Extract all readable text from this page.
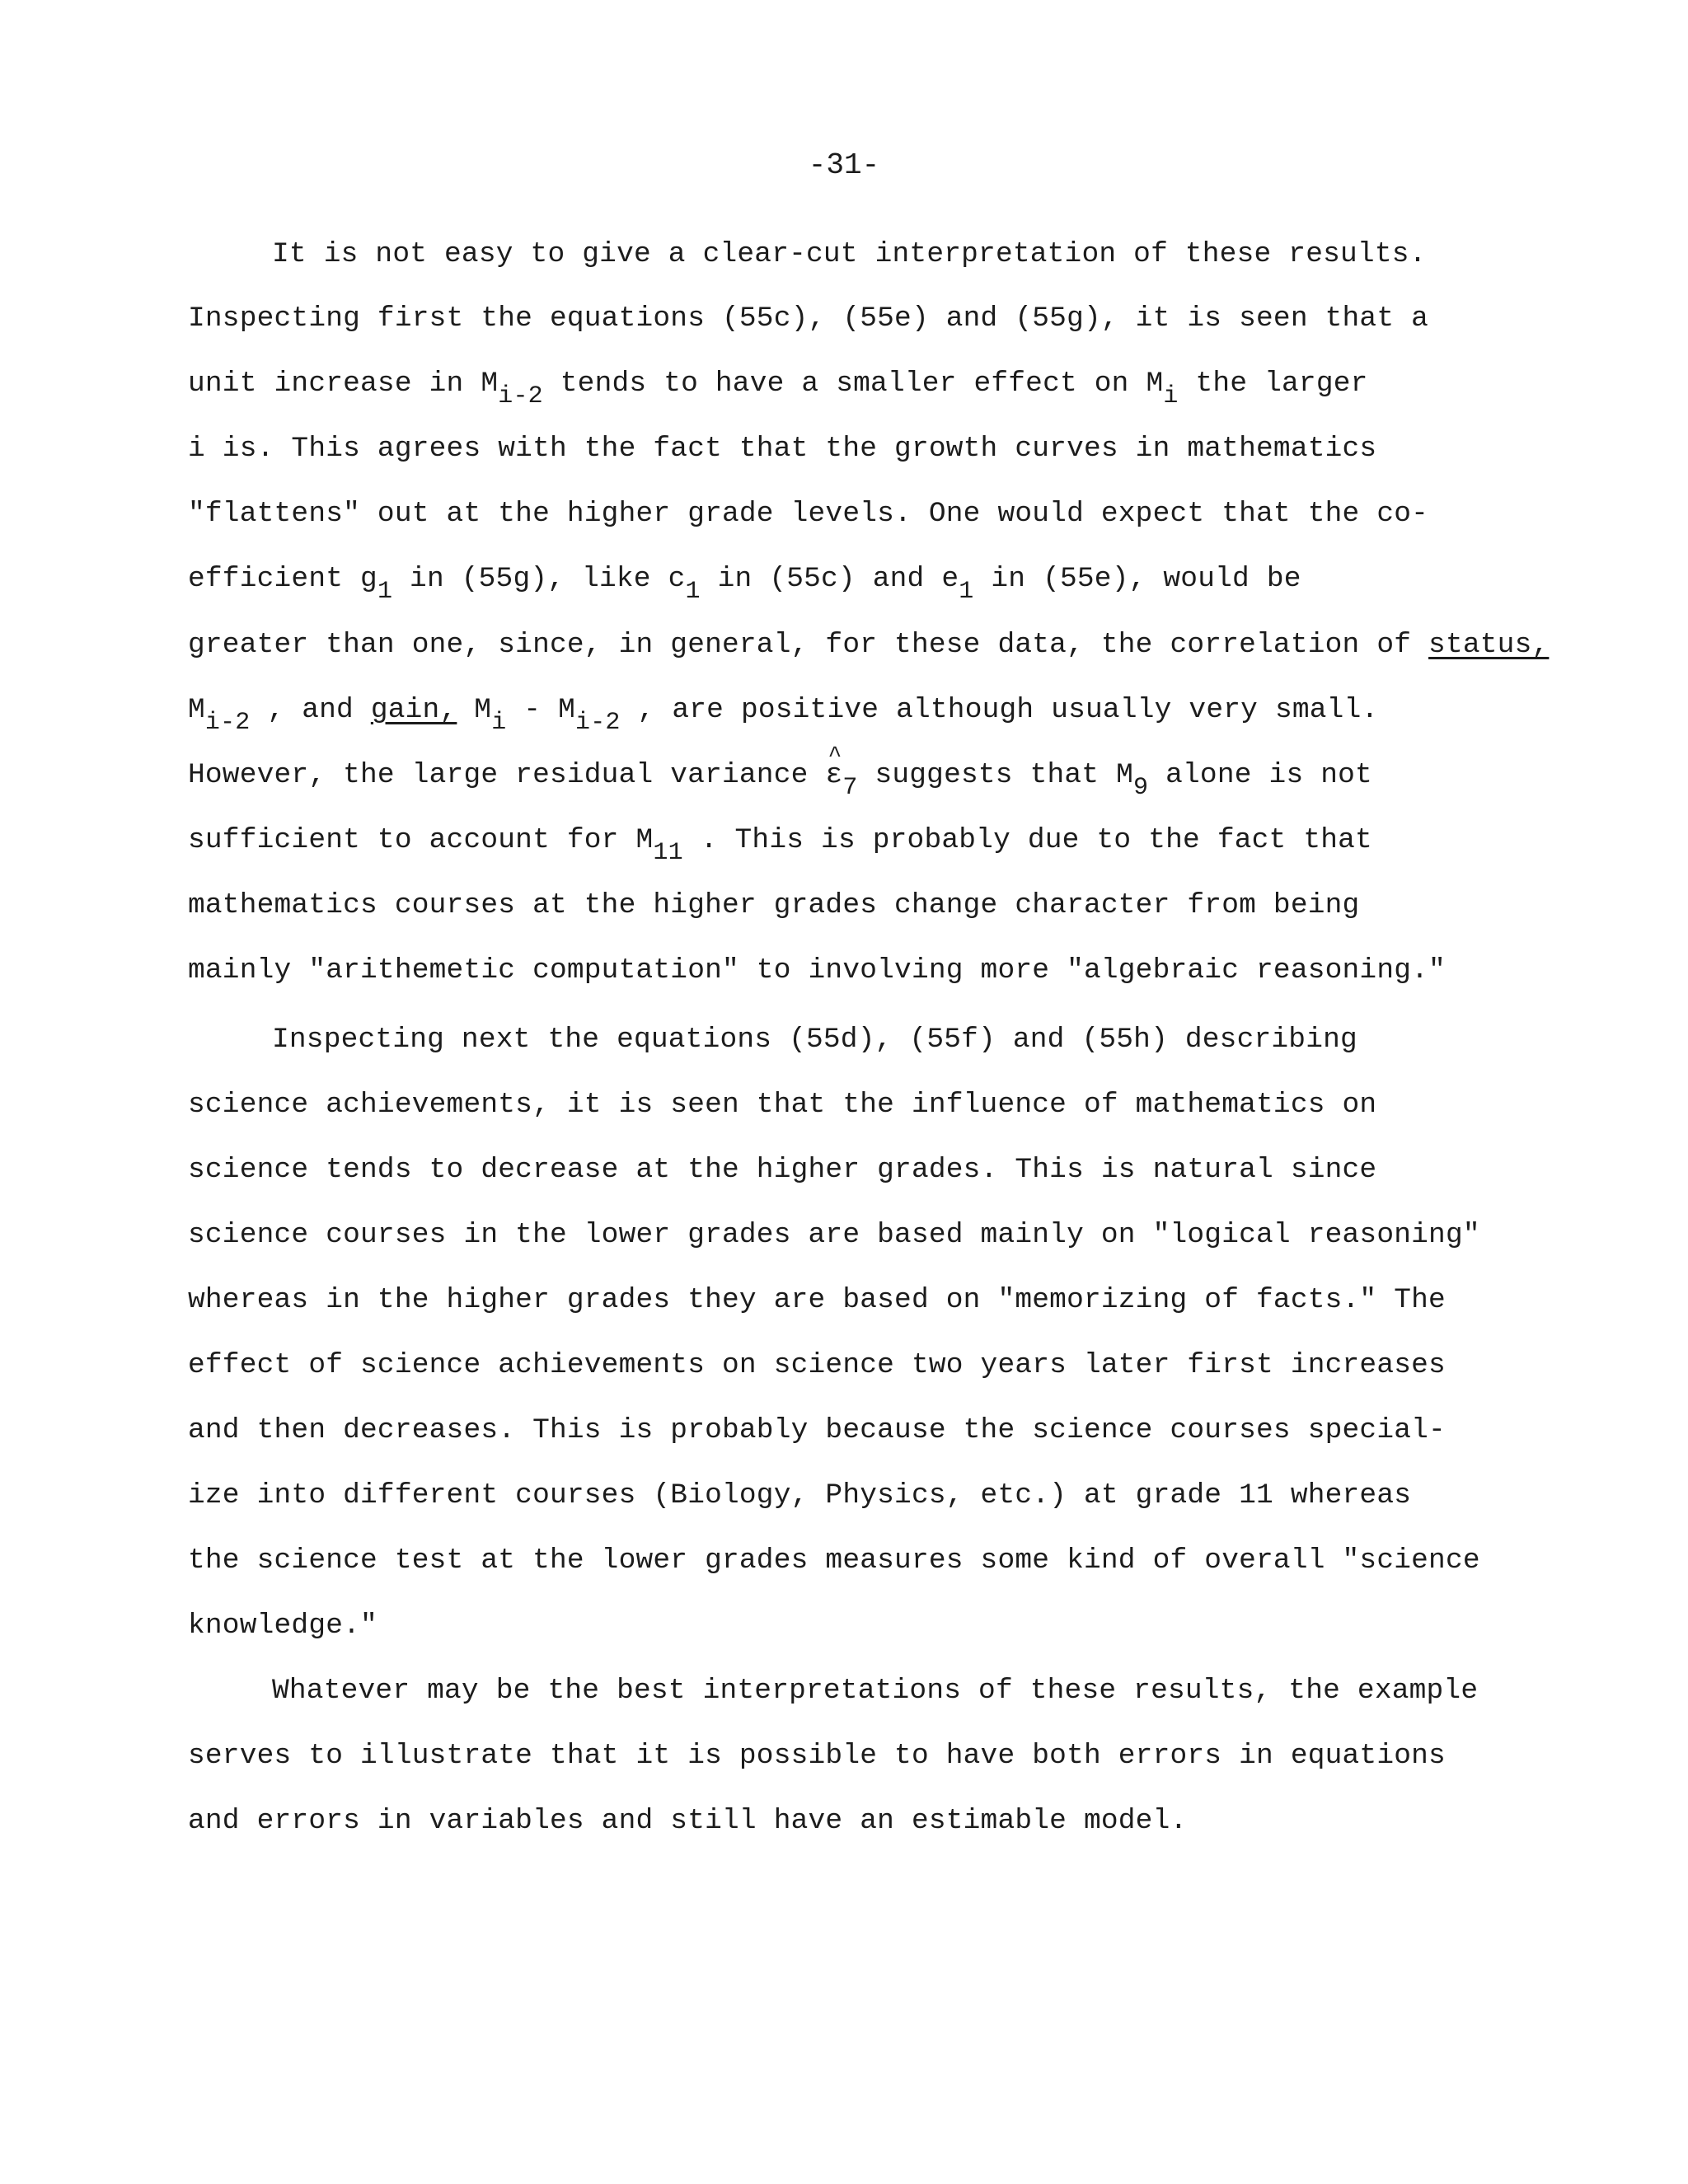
-31-
It is not easy to give a clear-cut interpretation of these results.
Inspecting first the equations (55c), (55e) and (55g), it is seen that a
unit increase in Mi-2 tends to have a smaller effect on Mi the larger
i is. This agrees with the fact that the growth curves in mathematics
"flattens" out at the higher grade levels. One would expect that the co-
efficient g1 in (55g), like c1 in (55c) and e1 in (55e), would be
greater than one, since, in general, for these data, the correlation of status,
Mi-2 , and gain, Mi - Mi-2 , are positive although usually very small.
However, the large residual variance ^ ε7 suggests that M9 alone is not
sufficient to account for M11 . This is probably due to the fact that
mathematics courses at the higher grades change character from being
mainly "arithemetic computation" to involving more "algebraic reasoning."
Inspecting next the equations (55d), (55f) and (55h) describing
science achievements, it is seen that the influence of mathematics on
science tends to decrease at the higher grades. This is natural since
science courses in the lower grades are based mainly on "logical reasoning"
whereas in the higher grades they are based on "memorizing of facts." The
effect of science achievements on science two years later first increases
and then decreases. This is probably because the science courses special-
ize into different courses (Biology, Physics, etc.) at grade 11 whereas
the science test at the lower grades measures some kind of overall "science
knowledge."
Whatever may be the best interpretations of these results, the example
serves to illustrate that it is possible to have both errors in equations
and errors in variables and still have an estimable model.
